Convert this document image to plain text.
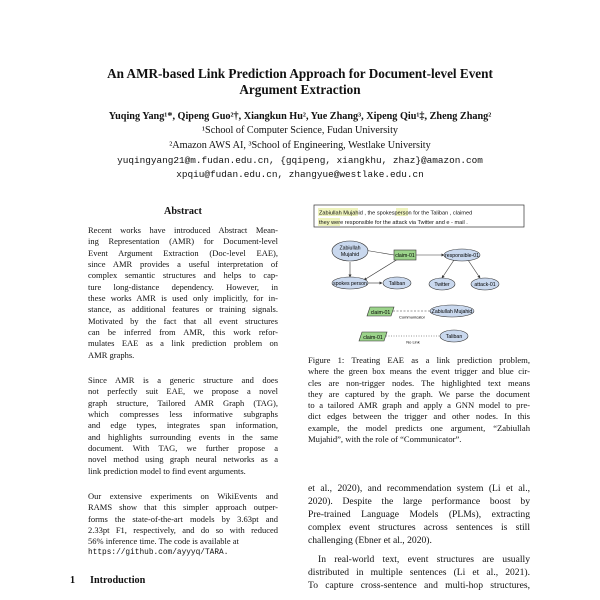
An AMR-based Link Prediction Approach for Document-level Event
Argument Extraction
Yuqing Yang¹*, Qipeng Guo²†, Xiangkun Hu², Yue Zhang³, Xipeng Qiu¹‡, Zheng Zhang²
¹School of Computer Science, Fudan University
²Amazon AWS AI, ³School of Engineering, Westlake University
yuqingyang21@m.fudan.edu.cn, {gqipeng, xiangkhu, zhaz}@amazon.com
xpqiu@fudan.edu.cn, zhangyue@westlake.edu.cn
Abstract
Recent works have introduced Abstract Mean-
ing Representation (AMR) for Document-level
Event Argument Extraction (Doc-level EAE),
since AMR provides a useful interpretation of
complex semantic structures and helps to cap-
ture long-distance dependency. However, in
these works AMR is used only implicitly, for in-
stance, as additional features or training signals.
Motivated by the fact that all event structures
can be inferred from AMR, this work refor-
mulates EAE as a link prediction problem on
AMR graphs.
Since AMR is a generic structure and does
not perfectly suit EAE, we propose a novel
graph structure, Tailored AMR Graph (TAG),
which compresses less informative subgraphs
and edge types, integrates span information,
and highlights surrounding events in the same
document. With TAG, we further propose a
novel method using graph neural networks as a
link prediction model to find event arguments.
Our extensive experiments on WikiEvents and
RAMS show that this simpler approach outper-
forms the state-of-the-art models by 3.63pt and
2.33pt F1, respectively, and do so with reduced
56% inference time. The code is available at
https://github.com/ayyyq/TARA.
1 Introduction
Zabiullah Mujahid , the spokesperson for the Taliban , claimed
they were responsible for the attack via Twitter and e - mail .
Zabiullah
Mujahid	claim-01	responsible-01
spokes person	Taliban	Twitter	attack-01
claim-01
Communicator
Zabiullah Mujahid
claim-01
No Link
Taliban
Figure 1: Treating EAE as a link prediction problem,
where the green box means the event trigger and blue cir-
cles are non-trigger nodes. The highlighted text means
they are captured by the graph. We parse the document
to a tailored AMR graph and apply a GNN model to pre-
dict edges between the trigger and other nodes. In this
example, the model predicts one argument, “Zabiullah
Mujahid”, with the role of “Communicator”.
et al., 2020), and recommendation system (Li et al.,
2020). Despite the large performance boost by
Pre-trained Language Models (PLMs), extracting
complex event structures across sentences is still
challenging (Ebner et al., 2020).
In real-world text, event structures are usually
distributed in multiple sentences (Li et al., 2021).
To capture cross-sentence and multi-hop structures,
